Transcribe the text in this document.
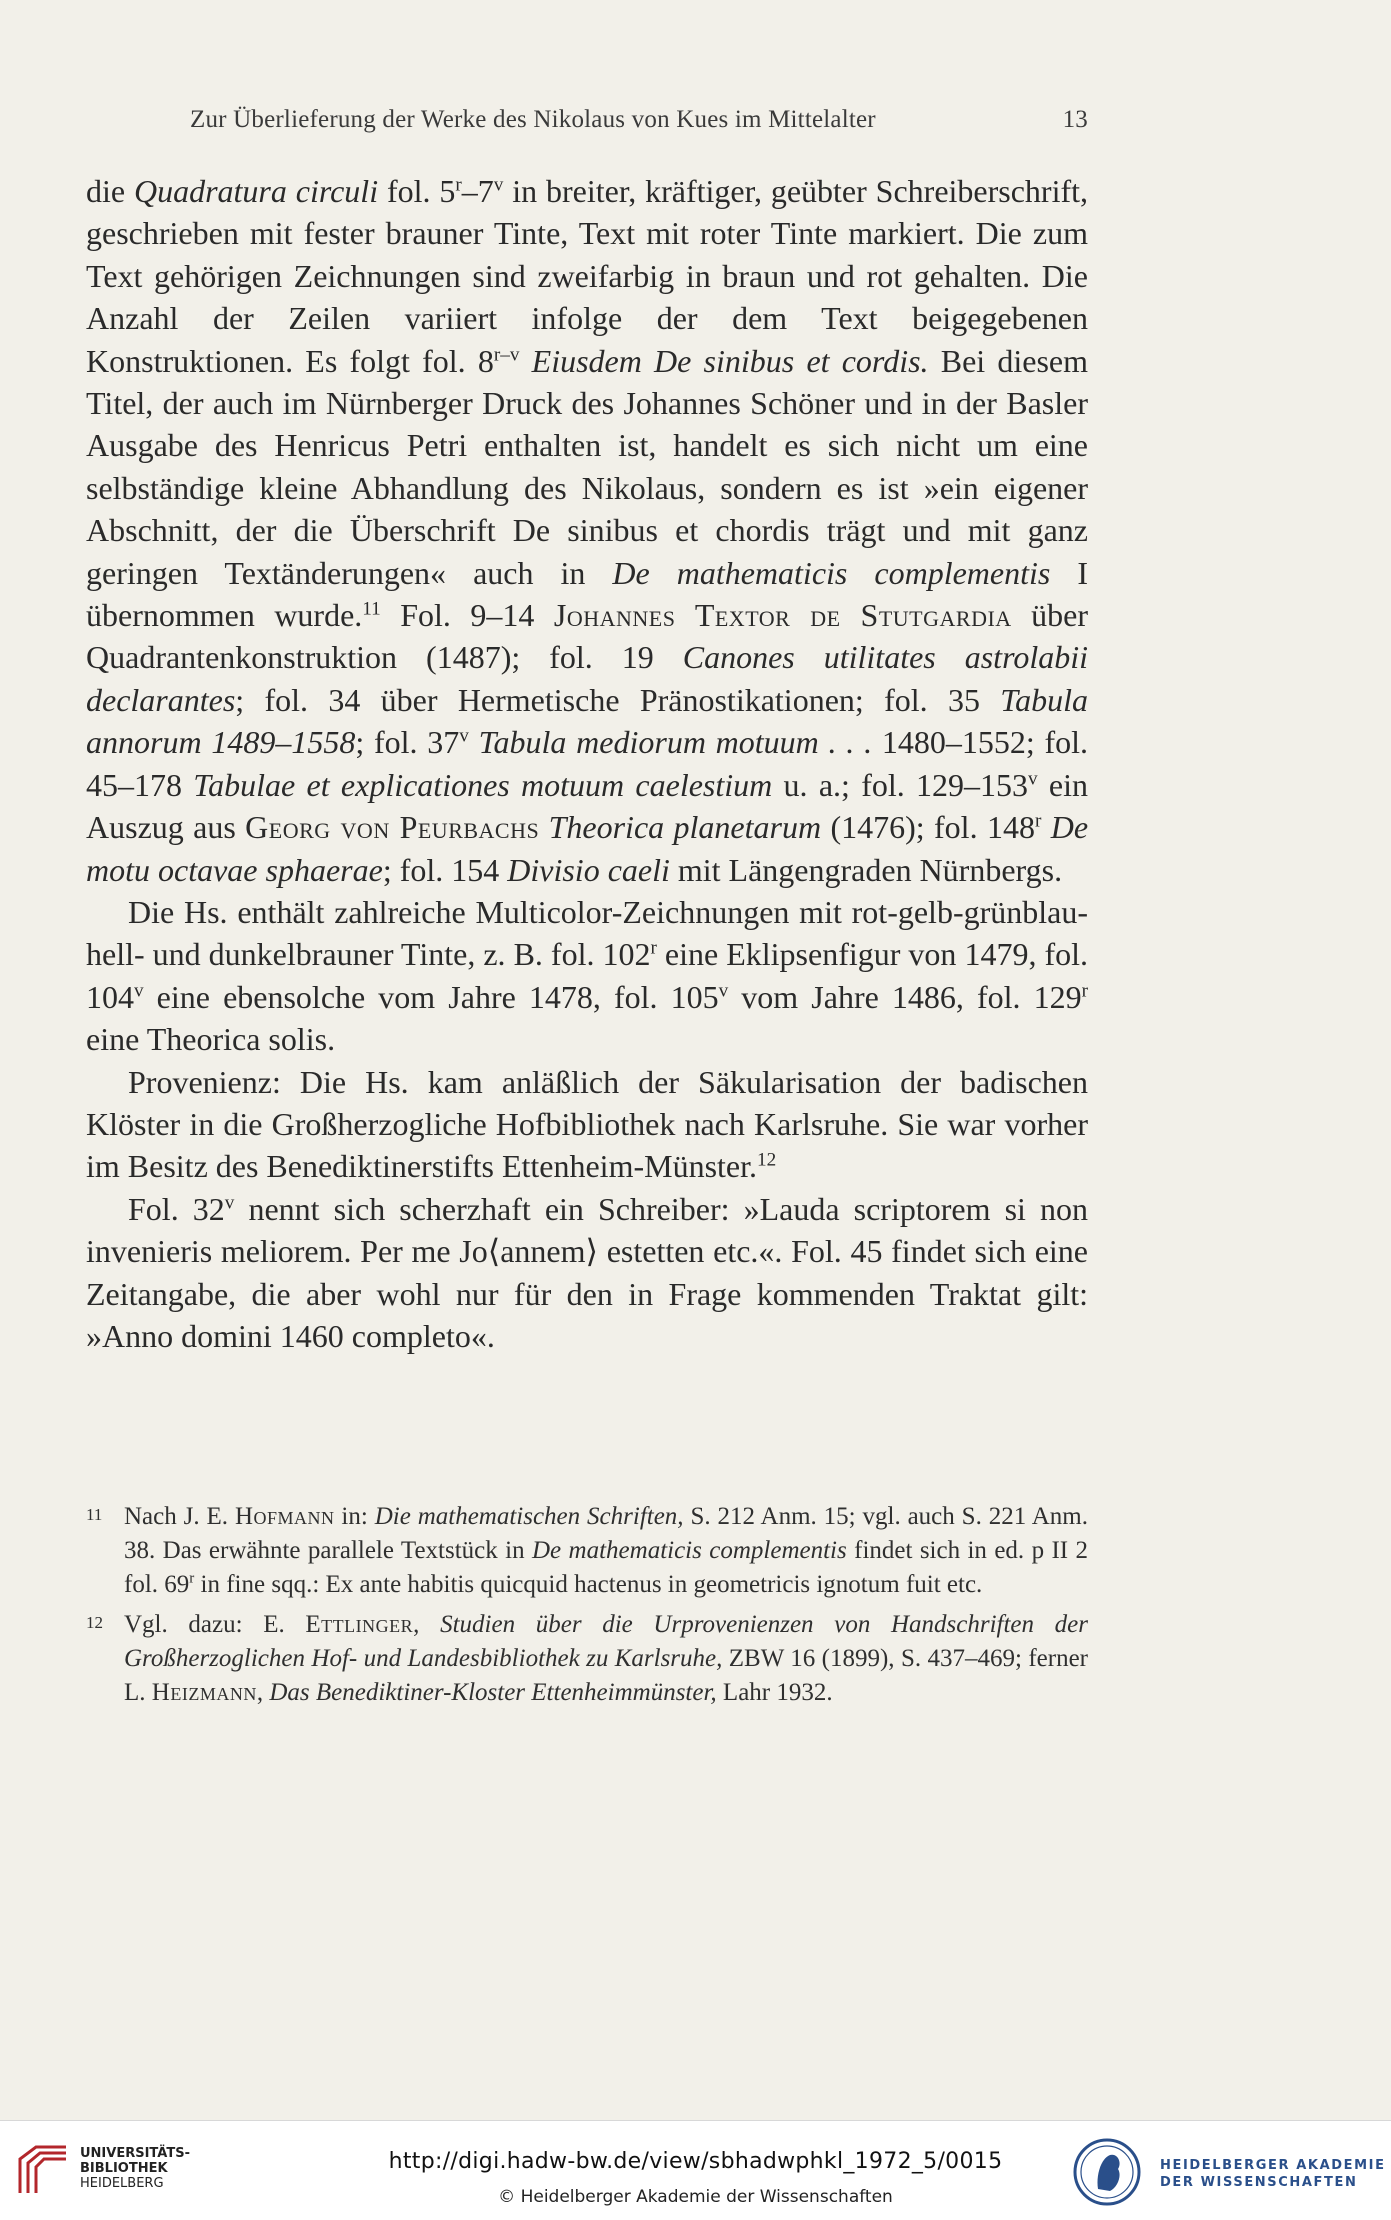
Zur Überlieferung der Werke des Nikolaus von Kues im Mittelalter	13

die Quadratura circuli fol. 5$^r$–7$^v$ in breiter, kräftiger, geübter Schreiberschrift, geschrieben mit fester brauner Tinte, Text mit roter Tinte markiert. Die zum Text gehörigen Zeichnungen sind zweifarbig in braun und rot gehalten. Die Anzahl der Zeilen variiert infolge der dem Text beigegebenen Konstruktionen. Es folgt fol. 8$^{r-v}$ Eiusdem De sinibus et cordis. Bei diesem Titel, der auch im Nürnberger Druck des Johannes Schöner und in der Basler Ausgabe des Henricus Petri enthalten ist, handelt es sich nicht um eine selbständige kleine Abhandlung des Nikolaus, sondern es ist »ein eigener Abschnitt, der die Überschrift De sinibus et chordis trägt und mit ganz geringen Textänderungen« auch in De mathematicis complementis I übernommen wurde.$^{11}$ Fol. 9–14 Johannes Textor de Stutgardia über Quadrantenkonstruktion (1487); fol. 19 Canones utilitates astrolabii declarantes; fol. 34 über Hermetische Pränostikationen; fol. 35 Tabula annorum 1489–1558; fol. 37$^v$ Tabula mediorum motuum . . . 1480–1552; fol. 45–178 Tabulae et explicationes motuum caelestium u. a.; fol. 129–153$^v$ ein Auszug aus Georg von Peurbachs Theorica planetarum (1476); fol. 148$^r$ De motu octavae sphaerae; fol. 154 Divisio caeli mit Längengraden Nürnbergs.

Die Hs. enthält zahlreiche Multicolor-Zeichnungen mit rot-gelb-grünblau-hell- und dunkelbrauner Tinte, z. B. fol. 102$^r$ eine Eklipsenfigur von 1479, fol. 104$^v$ eine ebensolche vom Jahre 1478, fol. 105$^v$ vom Jahre 1486, fol. 129$^r$ eine Theorica solis.

Provenienz: Die Hs. kam anläßlich der Säkularisation der badischen Klöster in die Großherzogliche Hofbibliothek nach Karlsruhe. Sie war vorher im Besitz des Benediktinerstifts Ettenheim-Münster.$^{12}$

Fol. 32$^v$ nennt sich scherzhaft ein Schreiber: »Lauda scriptorem si non invenieris meliorem. Per me Jo⟨annem⟩ estetten etc.«. Fol. 45 findet sich eine Zeitangabe, die aber wohl nur für den in Frage kommenden Traktat gilt: »Anno domini 1460 completo«.

11 Nach J. E. Hofmann in: Die mathematischen Schriften, S. 212 Anm. 15; vgl. auch S. 221 Anm. 38. Das erwähnte parallele Textstück in De mathematicis complementis findet sich in ed. p II 2 fol. 69$^r$ in fine sqq.: Ex ante habitis quicquid hactenus in geometricis ignotum fuit etc.
12 Vgl. dazu: E. Ettlinger, Studien über die Urprovenienzen von Handschriften der Großherzoglichen Hof- und Landesbibliothek zu Karlsruhe, ZBW 16 (1899), S. 437–469; ferner L. Heizmann, Das Benediktiner-Kloster Ettenheimmünster, Lahr 1932.
UNIVERSITÄTS-
BIBLIOTHEK
HEIDELBERG
http://digi.hadw-bw.de/view/sbhadwphkl_1972_5/0015
© Heidelberger Akademie der Wissenschaften
HEIDELBERGER AKADEMIE
DER WISSENSCHAFTEN
